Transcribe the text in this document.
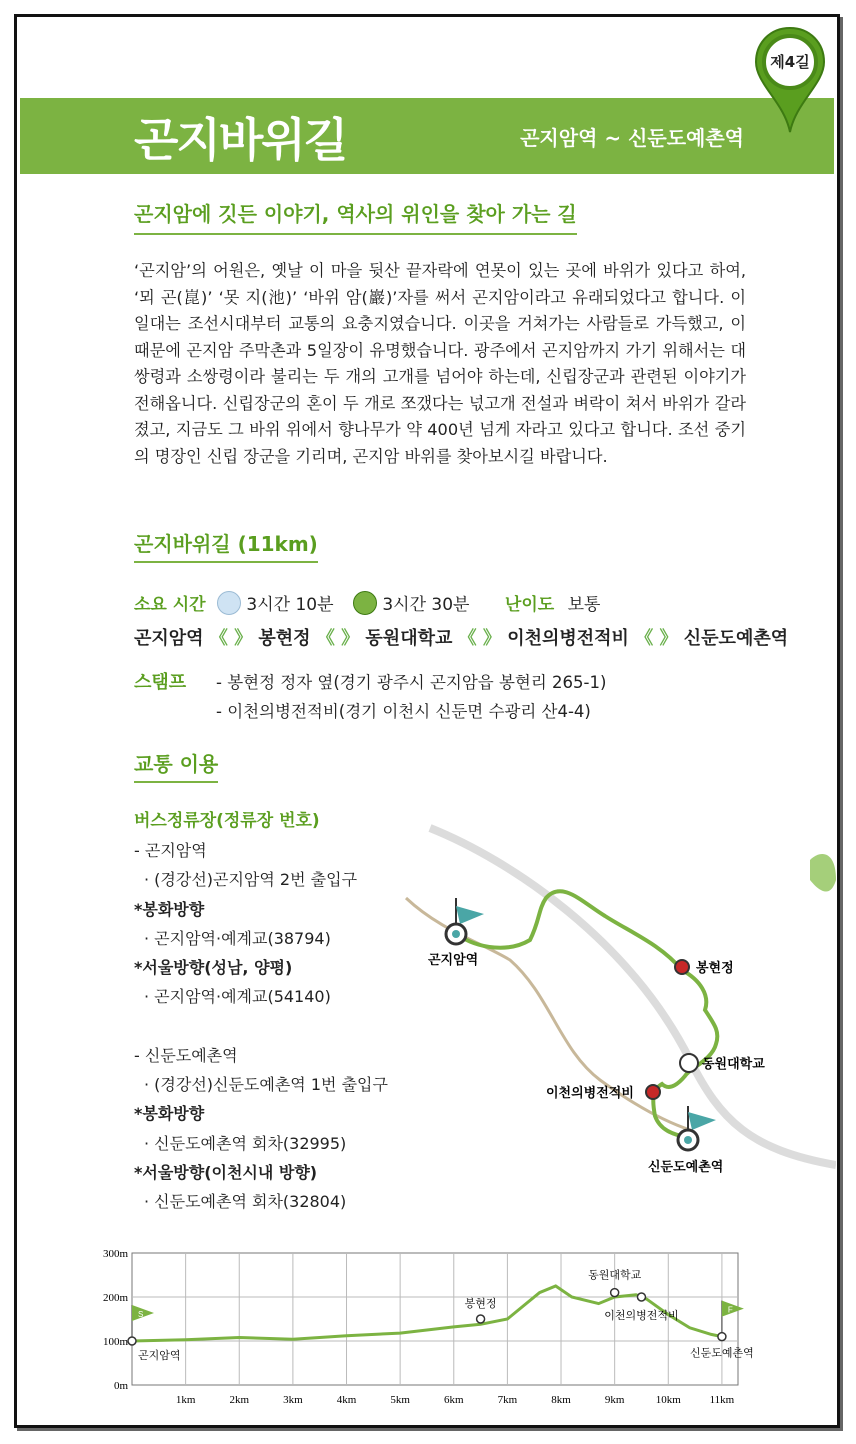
곤지바위길	곤지암역 ~ 신둔도예촌역
제4길
곤지암에 깃든 이야기, 역사의 위인을 찾아 가는 길
‘곤지암’의 어원은, 옛날 이 마을 뒷산 끝자락에 연못이 있는 곳에 바위가 있다고 하여, ‘뫼 곤(崑)’ ‘못 지(池)’ ‘바위 암(巖)’자를 써서 곤지암이라고 유래되었다고 합니다. 이 일대는 조선시대부터 교통의 요충지였습니다. 이곳을 거쳐가는 사람들로 가득했고, 이 때문에 곤지암 주막촌과 5일장이 유명했습니다. 광주에서 곤지암까지 가기 위해서는 대쌍령과 소쌍령이라 불리는 두 개의 고개를 넘어야 하는데, 신립장군과 관련된 이야기가 전해옵니다. 신립장군의 혼이 두 개로 쪼갰다는 넋고개 전설과 벼락이 쳐서 바위가 갈라졌고, 지금도 그 바위 위에서 향나무가 약 400년 넘게 자라고 있다고 합니다. 조선 중기의 명장인 신립 장군을 기리며, 곤지암 바위를 찾아보시길 바랍니다.
곤지바위길 (11km)
소요 시간 3시간 10분	3시간 30분 난이도 보통
곤지암역 《 》 봉현정 《 》 동원대학교 《 》 이천의병전적비 《 》 신둔도예촌역
스탬프 - 봉현정 정자 옆(경기 광주시 곤지암읍 봉현리 265-1)
- 이천의병전적비(경기 이천시 신둔면 수광리 산4-4)
교통 이용
버스정류장(정류장 번호)
- 곤지암역
· (경강선)곤지암역 2번 출입구
*봉화방향
· 곤지암역·예계교(38794)
*서울방향(성남, 양평)
· 곤지암역·예계교(54140)
- 신둔도예촌역
· (경강선)신둔도예촌역 1번 출입구
*봉화방향
· 신둔도예촌역 회차(32995)
*서울방향(이천시내 방향)
· 신둔도예촌역 회차(32804)
곤지암역
봉현정
동원대학교
이천의병전적비
신둔도예촌역
300m
200m
100m
0m
1km	2km	3km	4km	5km	6km	7km	8km	9km	10km	11km
S	F
곤지암역
봉현정
동원대학교
이천의병전적비
신둔도예촌역
